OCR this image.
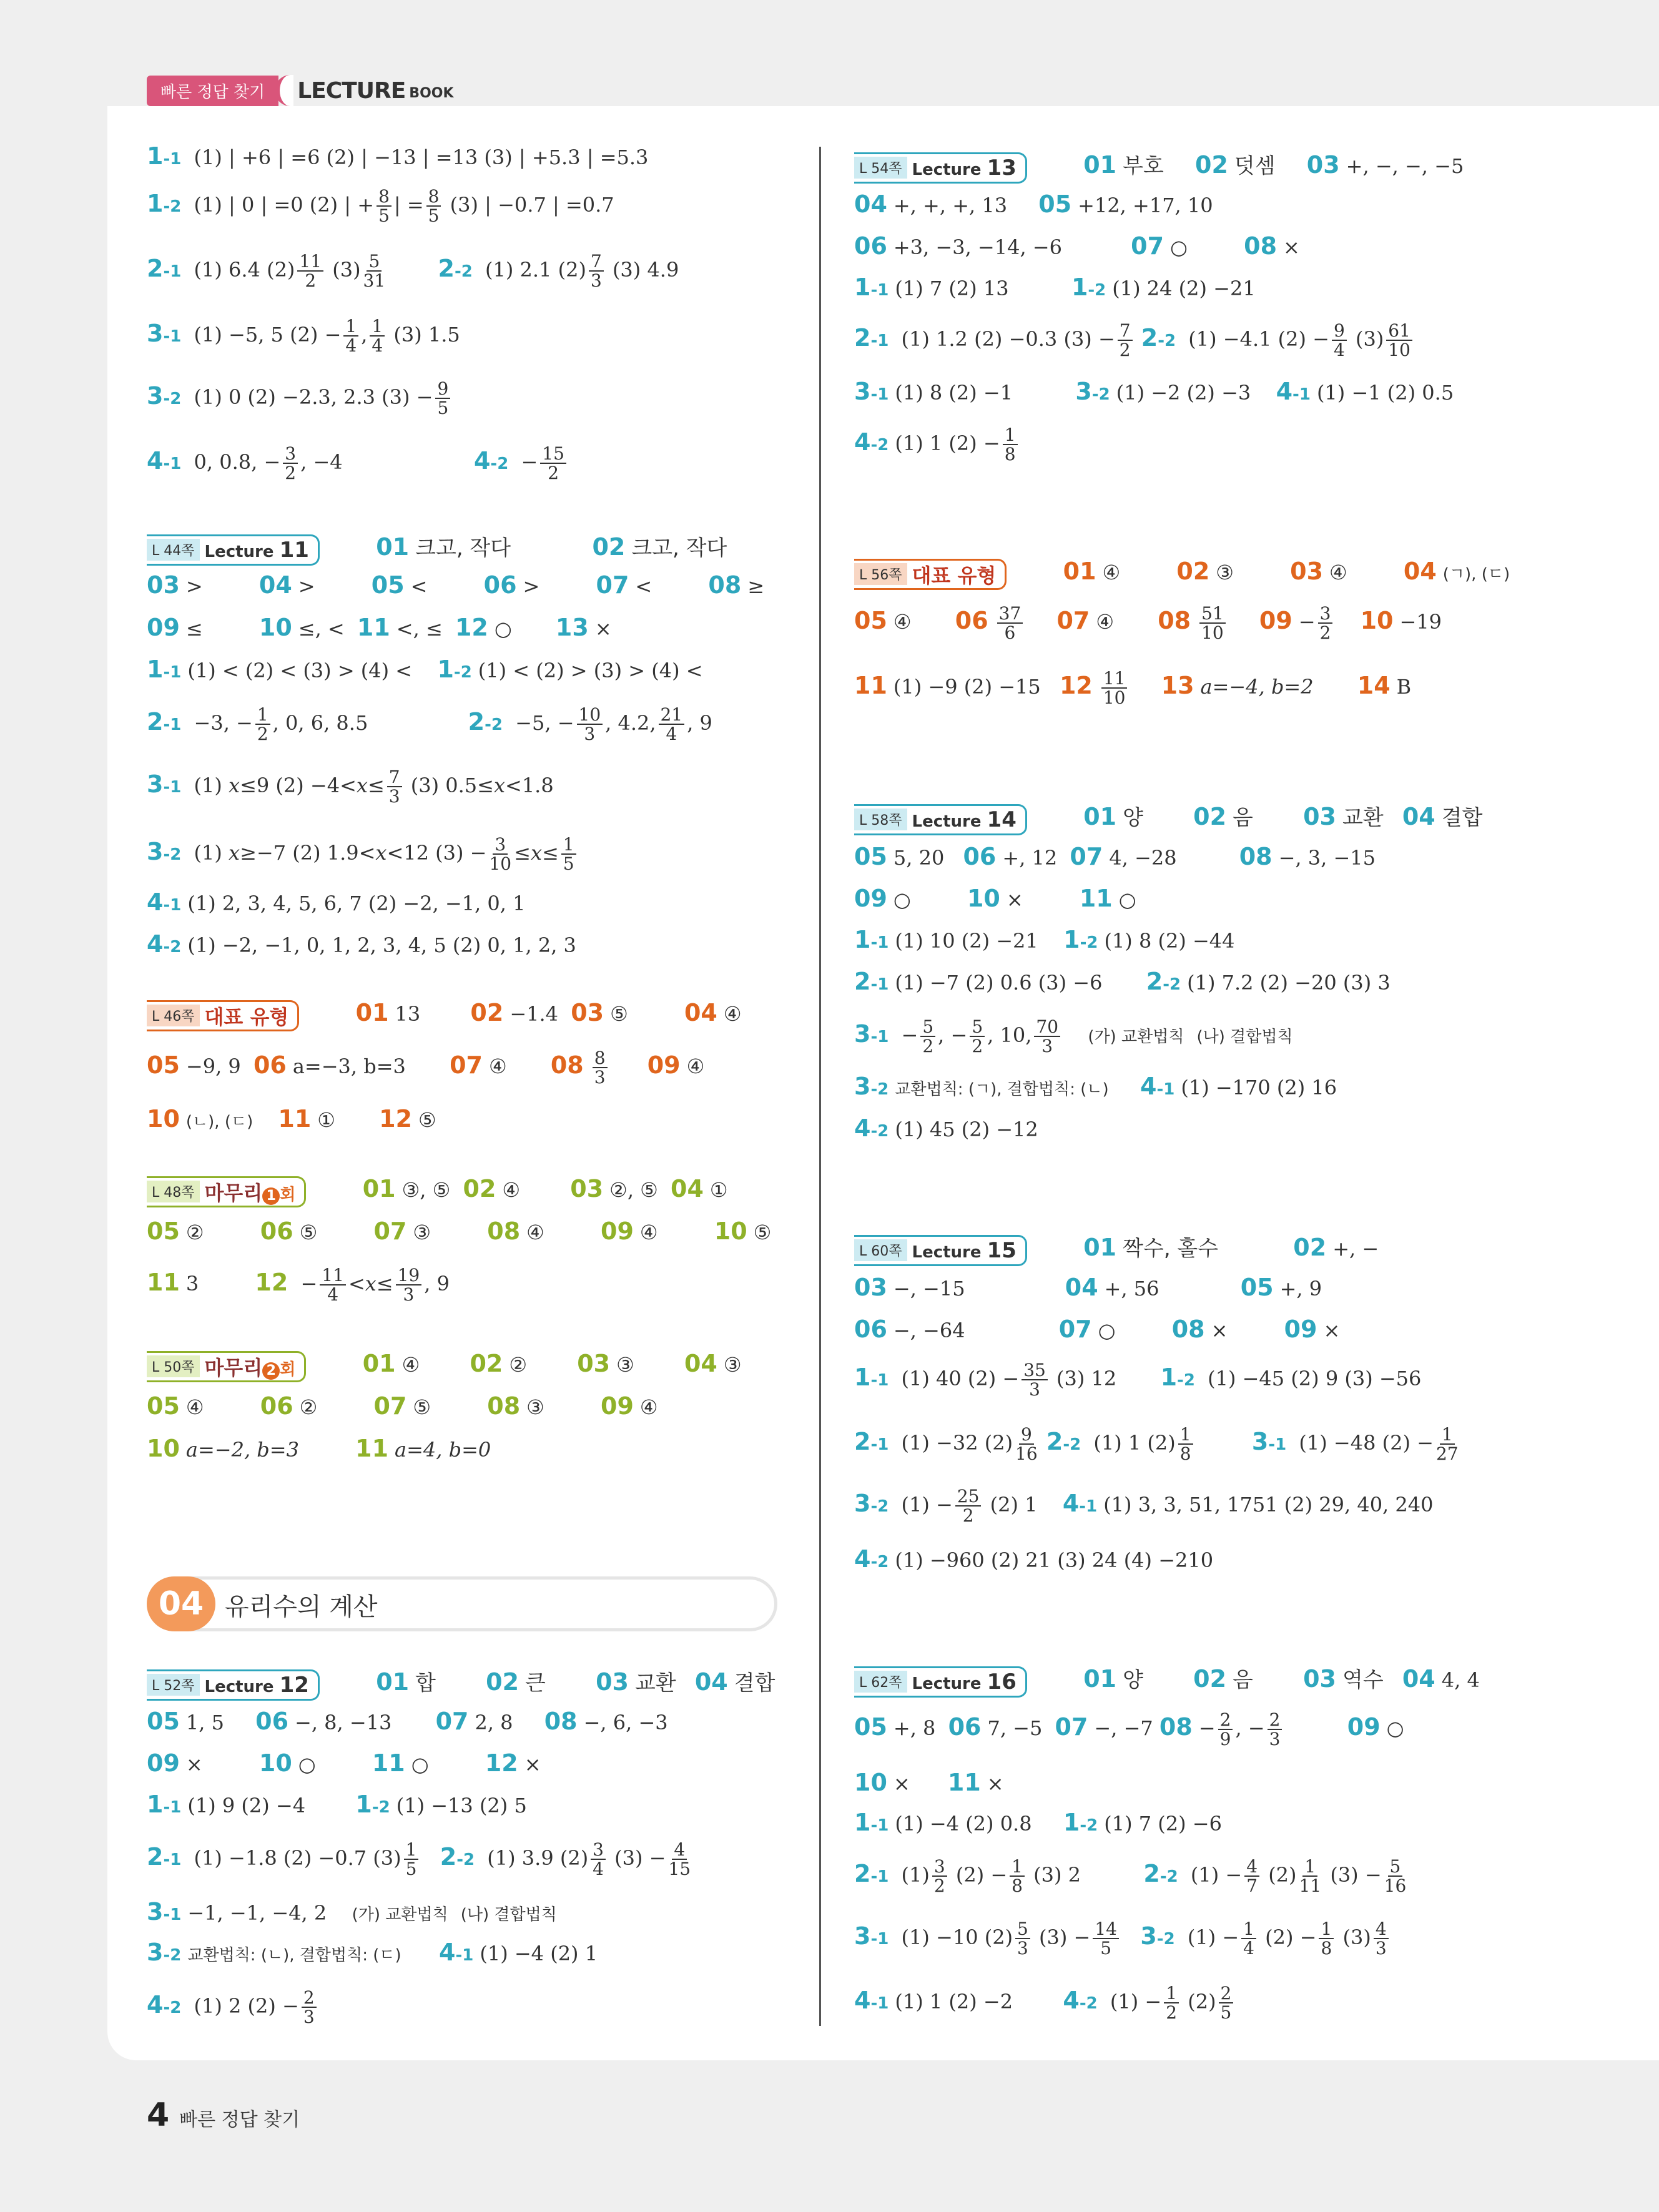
빠른 정답 찾기	LECTURE BOOK
1-1 (1) | +6 | =6 (2) | −13 | =13 (3) | +5.3 | =5.3
1-2 (1) | 0 | =0 (2) | + $\frac{8}{5}$ | = $\frac{8}{5} (3)$ | −0.7 | =0.7
2-1 (1) 6.4 $(2) \frac{11}{2} (3) \frac{5}{31} 2-2$ (1) 2.1 $(2) \frac{7}{3} (3)$ 4.9
3-1 (1) −5, 5 $(2) - \frac{1}{4}$ , $\frac{1}{4} (3)$ 1.5
3-2 (1) 0 (2) −2.3, 2.3 $(3) - \frac{9}{5}$
4-1 0, 0.8, − $\frac{3}{2}$ , −4	$4-2 - \frac{15}{2}$
L 44쪽 Lecture 11	01 크고, 작다	02 크고, 작다
03 > 04 > 05 < 06 > 07 < 08 ≥
09 ≤ 10 ≤, < 11 <, ≤ 12 ○ 13 ×
1-1 (1) < (2) < (3) > (4) < 1-2 (1) < (2) > (3) > (4) <
2-1 −3, − $\frac{1}{2}$ , 0, 6, 8.5	2-2 −5, − $\frac{10}{3}$ , 4.2, $\frac{21}{4}$ , 9
3-1 (1) x≤9 $(2) -4<x\le \frac{7}{3} (3)$ 0.5≤x<1.8
3-2 (1) x≥−7 (2) 1.9<x<12 $(3) - \frac{3}{10} \le x\le \frac{1}{5}$
4-1 (1) 2, 3, 4, 5, 6, 7 (2) −2, −1, 0, 1
4-2 (1) −2, −1, 0, 1, 2, 3, 4, 5 (2) 0, 1, 2, 3
L 46쪽 대표 유형	01 13 02 −1.4 03 ⑤ 04 ④
05 −9, 9 06 a=−3, b=3 07 ④ $08 \frac{8}{3} 09$ ④
10 (ㄴ), (ㄷ) 11 ① 12 ⑤
L 48쪽 마무리 1 회	01 ③, ⑤ 02 ④ 03 ②, ⑤ 04 ①
05 ② 06 ⑤ 07 ③ 08 ④ 09 ④ 10 ⑤
11 3 $12 - \frac{11}{4} <x\le \frac{19}{3}$ , 9
L 50쪽 마무리 2 회	01 ④ 02 ② 03 ③ 04 ③
05 ④ 06 ② 07 ⑤ 08 ③ 09 ④
10 a=−2, b=3 11 a=4, b=0
04 유리수의 계산
L 52쪽 Lecture 12	01 합 02 큰 03 교환 04 결합
05 1, 5 06 −, 8, −13 07 2, 8 08 −, 6, −3
09 × 10 ○ 11 ○ 12 ×
1-1 (1) 9 (2) −4 1-2 (1) −13 (2) 5
2-1 (1) −1.8 (2) −0.7 $(3) \frac{1}{5} 2-2$ (1) 3.9 $(2) \frac{3}{4} (3) - \frac{4}{15}$
3-1 −1, −1, −4, 2 (가) 교환법칙 (나) 결합법칙
3-2 교환법칙: (ㄴ), 결합법칙: (ㄷ) 4-1 (1) −4 (2) 1
4-2 (1) 2 $(2) - \frac{2}{3}$
L 54쪽 Lecture 13	01 부호 02 덧셈 03 +, −, −, −5
04 +, +, +, 13 05 +12, +17, 10
06 +3, −3, −14, −6	07 ○ 08 ×
1-1 (1) 7 (2) 13	1-2 (1) 24 (2) −21
2-1 (1) 1.2 (2) −0.3 $(3) - \frac{7}{2} 2-2$ (1) −4.1 $(2) - \frac{9}{4} (3) \frac{61}{10}$
3-1 (1) 8 (2) −1	3-2 (1) −2 (2) −3 4-1 (1) −1 (2) 0.5
4-2 (1) 1 $(2) - \frac{1}{8}$
L 56쪽 대표 유형	01 ④ 02 ③ 03 ④ 04 (ㄱ), (ㄷ)
05 ④ $06 \frac{37}{6} 07$ ④ $08 \frac{51}{10} 09 - \frac{3}{2} 10 -19$
11 (1) −9 (2) −15 $12 \frac{11}{10} 13$ a=−4, b=2 14 B
L 58쪽 Lecture 14	01 양 02 음 03 교환 04 결합
05 5, 20 06 +, 12 07 4, −28	08 −, 3, −15
09 ○ 10 × 11 ○
1-1 (1) 10 (2) −21 1-2 (1) 8 (2) −44
2-1 (1) −7 (2) 0.6 (3) −6 2-2 (1) 7.2 (2) −20 (3) 3
$3-1 - \frac{5}{2}$ , − $\frac{5}{2}$ , 10, $\frac{70}{3}$ (가) 교환법칙 (나) 결합법칙
3-2 교환법칙: (ㄱ), 결합법칙: (ㄴ) 4-1 (1) −170 (2) 16
4-2 (1) 45 (2) −12
L 60쪽 Lecture 15	01 짝수, 홀수	02 +, −
03 −, −15	04 +, 56	05 +, 9
06 −, −64	07 ○ 08 × 09 ×
1-1 (1) 40 $(2) - \frac{35}{3} (3)$ 12 1-2 (1) −45 (2) 9 (3) −56
2-1 (1) −32 $(2) \frac{9}{16} 2-2$ (1) 1 $(2) \frac{1}{8} 3-1$ (1) −48 $(2) - \frac{1}{27}$
3-2 $(1) - \frac{25}{2} (2)$ 1 4-1 (1) 3, 3, 51, 1751 (2) 29, 40, 240
4-2 (1) −960 (2) 21 (3) 24 (4) −210
L 62쪽 Lecture 16	01 양 02 음 03 역수 04 4, 4
05 +, 8 06 7, −5 07 −, −7 $08 - \frac{2}{9}$ , − $\frac{2}{3}$	09 ○
10 × 11 ×
1-1 (1) −4 (2) 0.8 1-2 (1) 7 (2) −6
2-1 $(1) \frac{3}{2} (2) - \frac{1}{8} (3)$ 2	2-2 $(1) - \frac{4}{7} (2) \frac{1}{11} (3) - \frac{5}{16}$
3-1 (1) −10 $(2) \frac{5}{3} (3) - \frac{14}{5} 3-2$ $(1) - \frac{1}{4} (2) - \frac{1}{8} (3) \frac{4}{3}$
4-1 (1) 1 (2) −2 4-2 $(1) - \frac{1}{2} (2) \frac{2}{5}$
4 빠른 정답 찾기
